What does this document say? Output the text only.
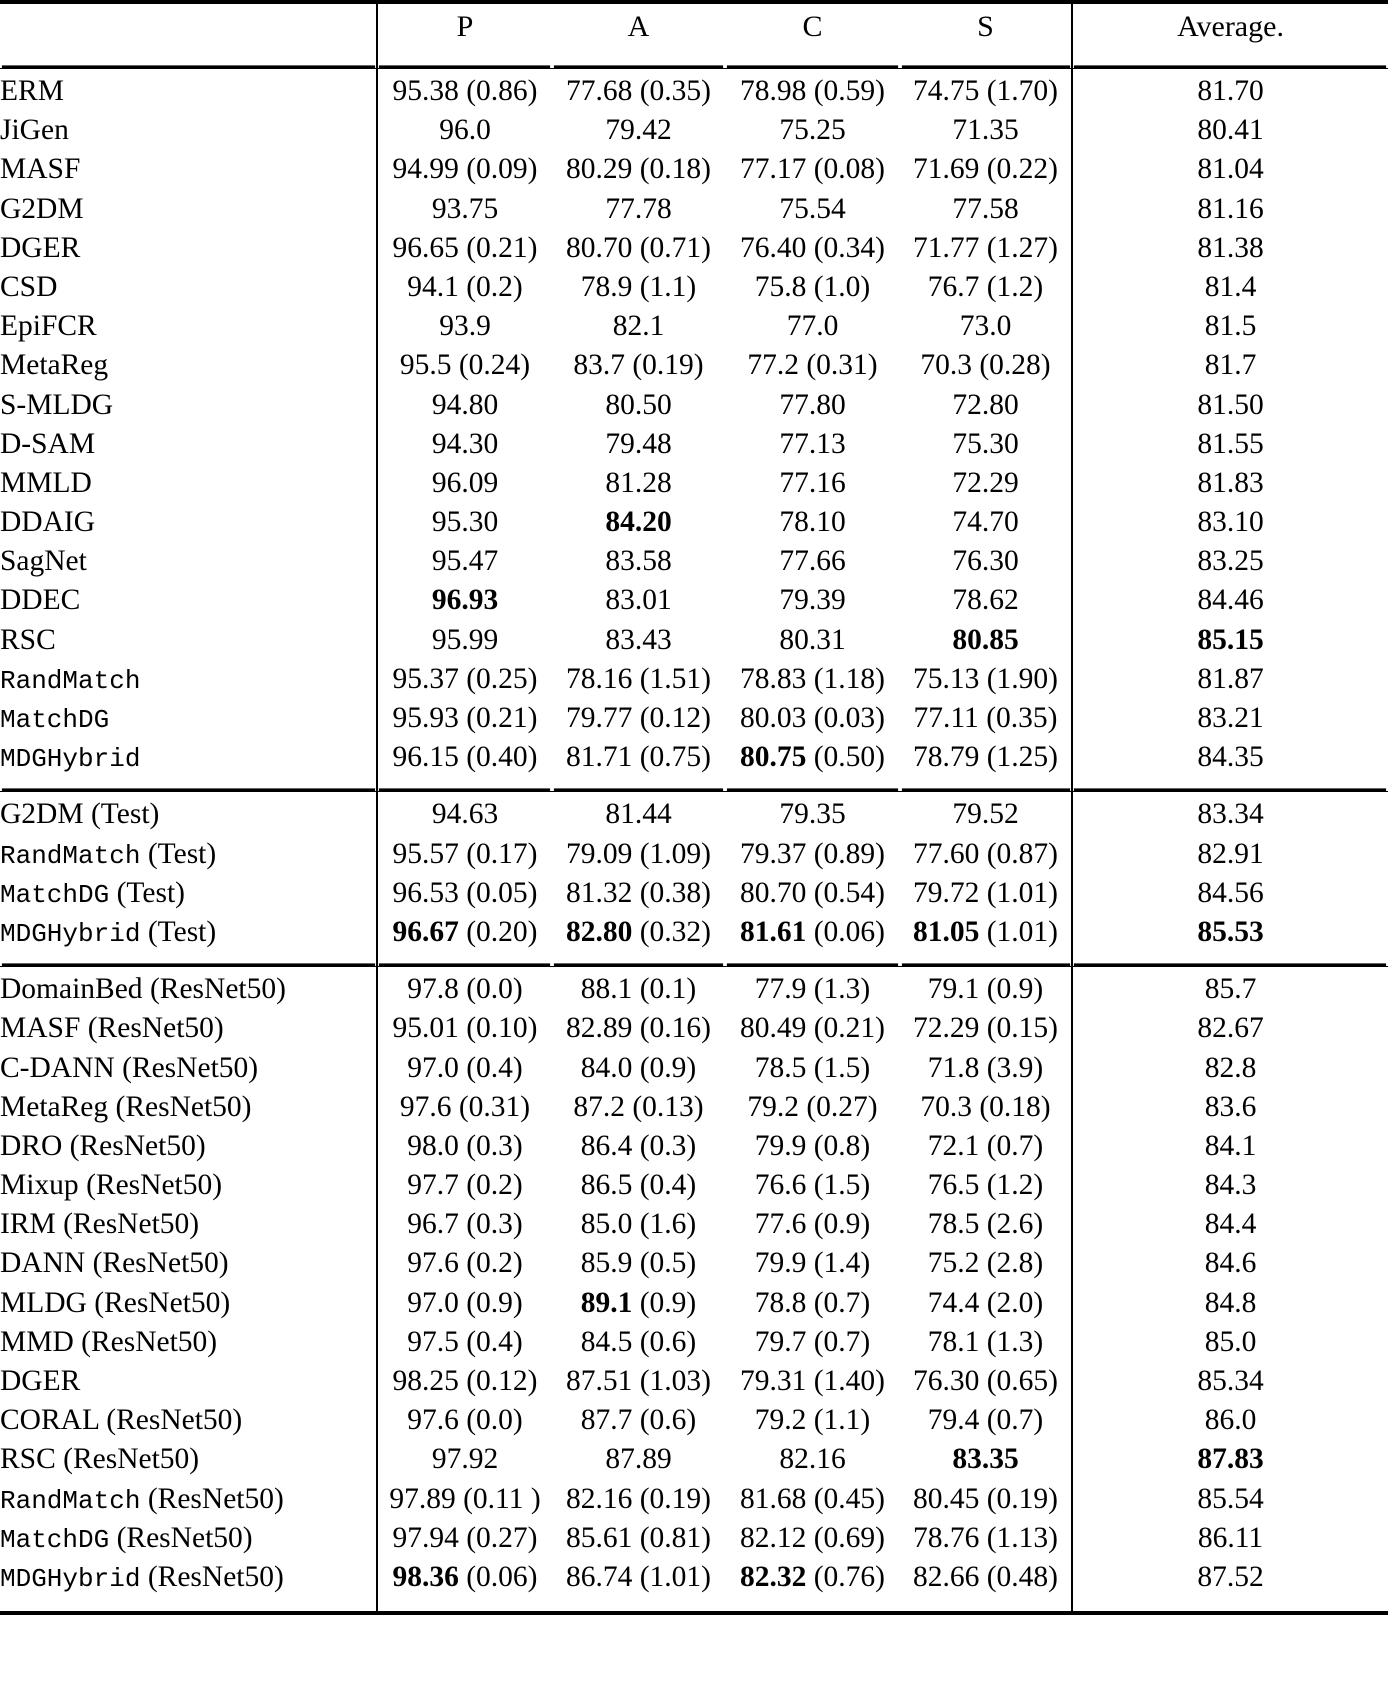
	P	A	C	S	Average.

ERM	95.38 (0.86)	77.68 (0.35)	78.98 (0.59)	74.75 (1.70)	81.70
JiGen	96.0	79.42	75.25	71.35	80.41
MASF	94.99 (0.09)	80.29 (0.18)	77.17 (0.08)	71.69 (0.22)	81.04
G2DM	93.75	77.78	75.54	77.58	81.16
DGER	96.65 (0.21)	80.70 (0.71)	76.40 (0.34)	71.77 (1.27)	81.38
CSD	94.1 (0.2)	78.9 (1.1)	75.8 (1.0)	76.7 (1.2)	81.4
EpiFCR	93.9	82.1	77.0	73.0	81.5
MetaReg	95.5 (0.24)	83.7 (0.19)	77.2 (0.31)	70.3 (0.28)	81.7
S-MLDG	94.80	80.50	77.80	72.80	81.50
D-SAM	94.30	79.48	77.13	75.30	81.55
MMLD	96.09	81.28	77.16	72.29	81.83
DDAIG	95.30	84.20	78.10	74.70	83.10
SagNet	95.47	83.58	77.66	76.30	83.25
DDEC	96.93	83.01	79.39	78.62	84.46
RSC	95.99	83.43	80.31	80.85	85.15
RandMatch	95.37 (0.25)	78.16 (1.51)	78.83 (1.18)	75.13 (1.90)	81.87
MatchDG	95.93 (0.21)	79.77 (0.12)	80.03 (0.03)	77.11 (0.35)	83.21
MDGHybrid	96.15 (0.40)	81.71 (0.75)	80.75 (0.50)	78.79 (1.25)	84.35

G2DM (Test)	94.63	81.44	79.35	79.52	83.34
RandMatch (Test)	95.57 (0.17)	79.09 (1.09)	79.37 (0.89)	77.60 (0.87)	82.91
MatchDG (Test)	96.53 (0.05)	81.32 (0.38)	80.70 (0.54)	79.72 (1.01)	84.56
MDGHybrid (Test)	96.67 (0.20)	82.80 (0.32)	81.61 (0.06)	81.05 (1.01)	85.53

DomainBed (ResNet50)	97.8 (0.0)	88.1 (0.1)	77.9 (1.3)	79.1 (0.9)	85.7
MASF (ResNet50)	95.01 (0.10)	82.89 (0.16)	80.49 (0.21)	72.29 (0.15)	82.67
C-DANN (ResNet50)	97.0 (0.4)	84.0 (0.9)	78.5 (1.5)	71.8 (3.9)	82.8
MetaReg (ResNet50)	97.6 (0.31)	87.2 (0.13)	79.2 (0.27)	70.3 (0.18)	83.6
DRO (ResNet50)	98.0 (0.3)	86.4 (0.3)	79.9 (0.8)	72.1 (0.7)	84.1
Mixup (ResNet50)	97.7 (0.2)	86.5 (0.4)	76.6 (1.5)	76.5 (1.2)	84.3
IRM (ResNet50)	96.7 (0.3)	85.0 (1.6)	77.6 (0.9)	78.5 (2.6)	84.4
DANN (ResNet50)	97.6 (0.2)	85.9 (0.5)	79.9 (1.4)	75.2 (2.8)	84.6
MLDG (ResNet50)	97.0 (0.9)	89.1 (0.9)	78.8 (0.7)	74.4 (2.0)	84.8
MMD (ResNet50)	97.5 (0.4)	84.5 (0.6)	79.7 (0.7)	78.1 (1.3)	85.0
DGER	98.25 (0.12)	87.51 (1.03)	79.31 (1.40)	76.30 (0.65)	85.34
CORAL (ResNet50)	97.6 (0.0)	87.7 (0.6)	79.2 (1.1)	79.4 (0.7)	86.0
RSC (ResNet50)	97.92	87.89	82.16	83.35	87.83
RandMatch (ResNet50)	97.89 (0.11 )	82.16 (0.19)	81.68 (0.45)	80.45 (0.19)	85.54
MatchDG (ResNet50)	97.94 (0.27)	85.61 (0.81)	82.12 (0.69)	78.76 (1.13)	86.11
MDGHybrid (ResNet50)	98.36 (0.06)	86.74 (1.01)	82.32 (0.76)	82.66 (0.48)	87.52
